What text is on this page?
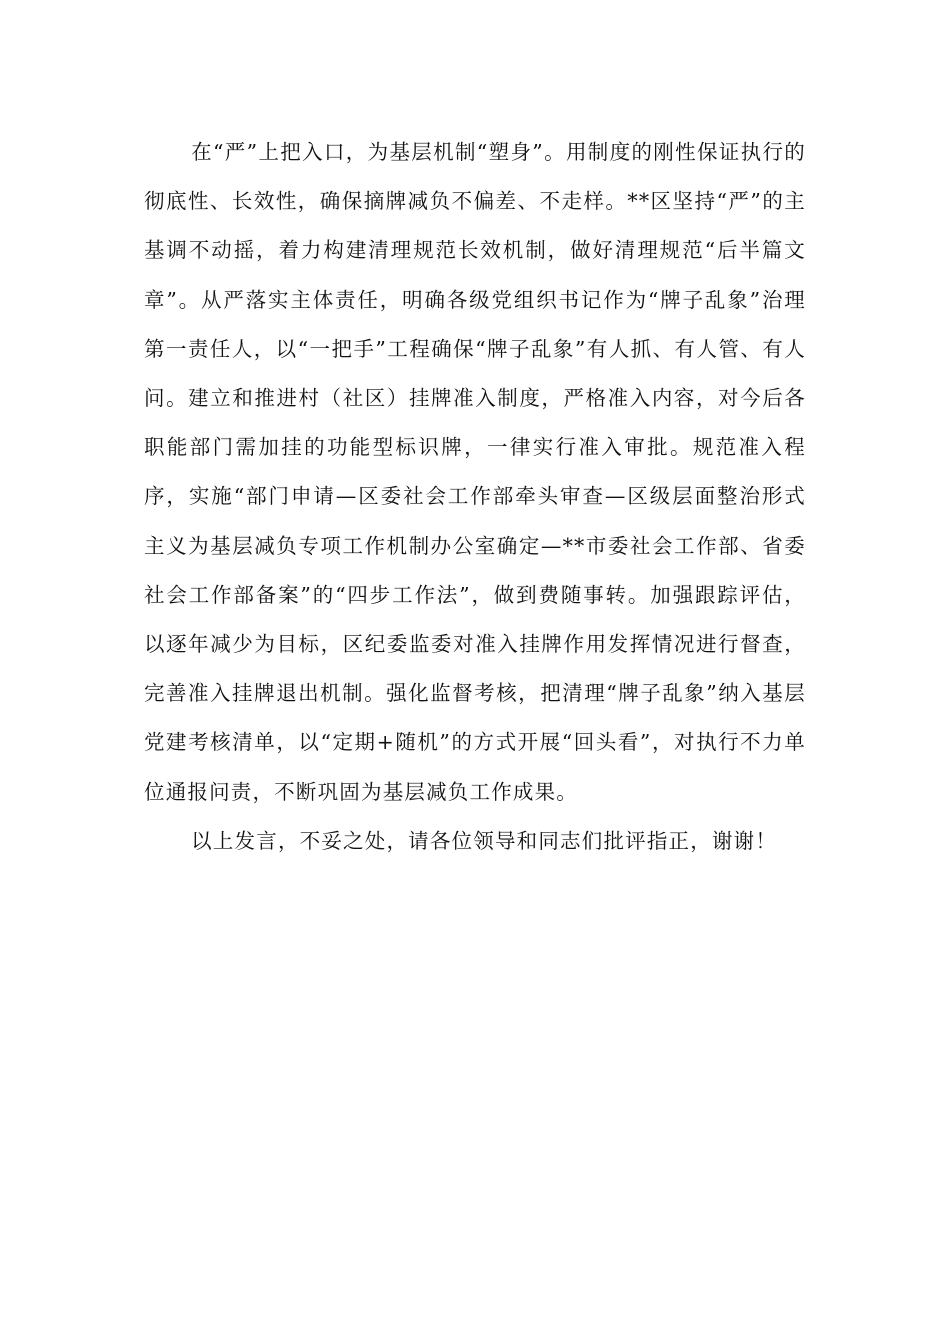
在“严”上把入口，为基层机制“塑身”。用制度的刚性保证执行的彻底性、长效性，确保摘牌减负不偏差、不走样。**区坚持“严”的主基调不动摇，着力构建清理规范长效机制，做好清理规范“后半篇文章”。从严落实主体责任，明确各级党组织书记作为“牌子乱象”治理第一责任人，以“一把手”工程确保“牌子乱象”有人抓、有人管、有人问。建立和推进村（社区）挂牌准入制度，严格准入内容，对今后各职能部门需加挂的功能型标识牌，一律实行准入审批。规范准入程序，实施“部门申请—区委社会工作部牵头审查—区级层面整治形式主义为基层减负专项工作机制办公室确定—**市委社会工作部、省委社会工作部备案”的“四步工作法”，做到费随事转。加强跟踪评估，以逐年减少为目标，区纪委监委对准入挂牌作用发挥情况进行督查，完善准入挂牌退出机制。强化监督考核，把清理“牌子乱象”纳入基层党建考核清单，以“定期+随机”的方式开展“回头看”，对执行不力单位通报问责，不断巩固为基层减负工作成果。

以上发言，不妥之处，请各位领导和同志们批评指正，谢谢！
